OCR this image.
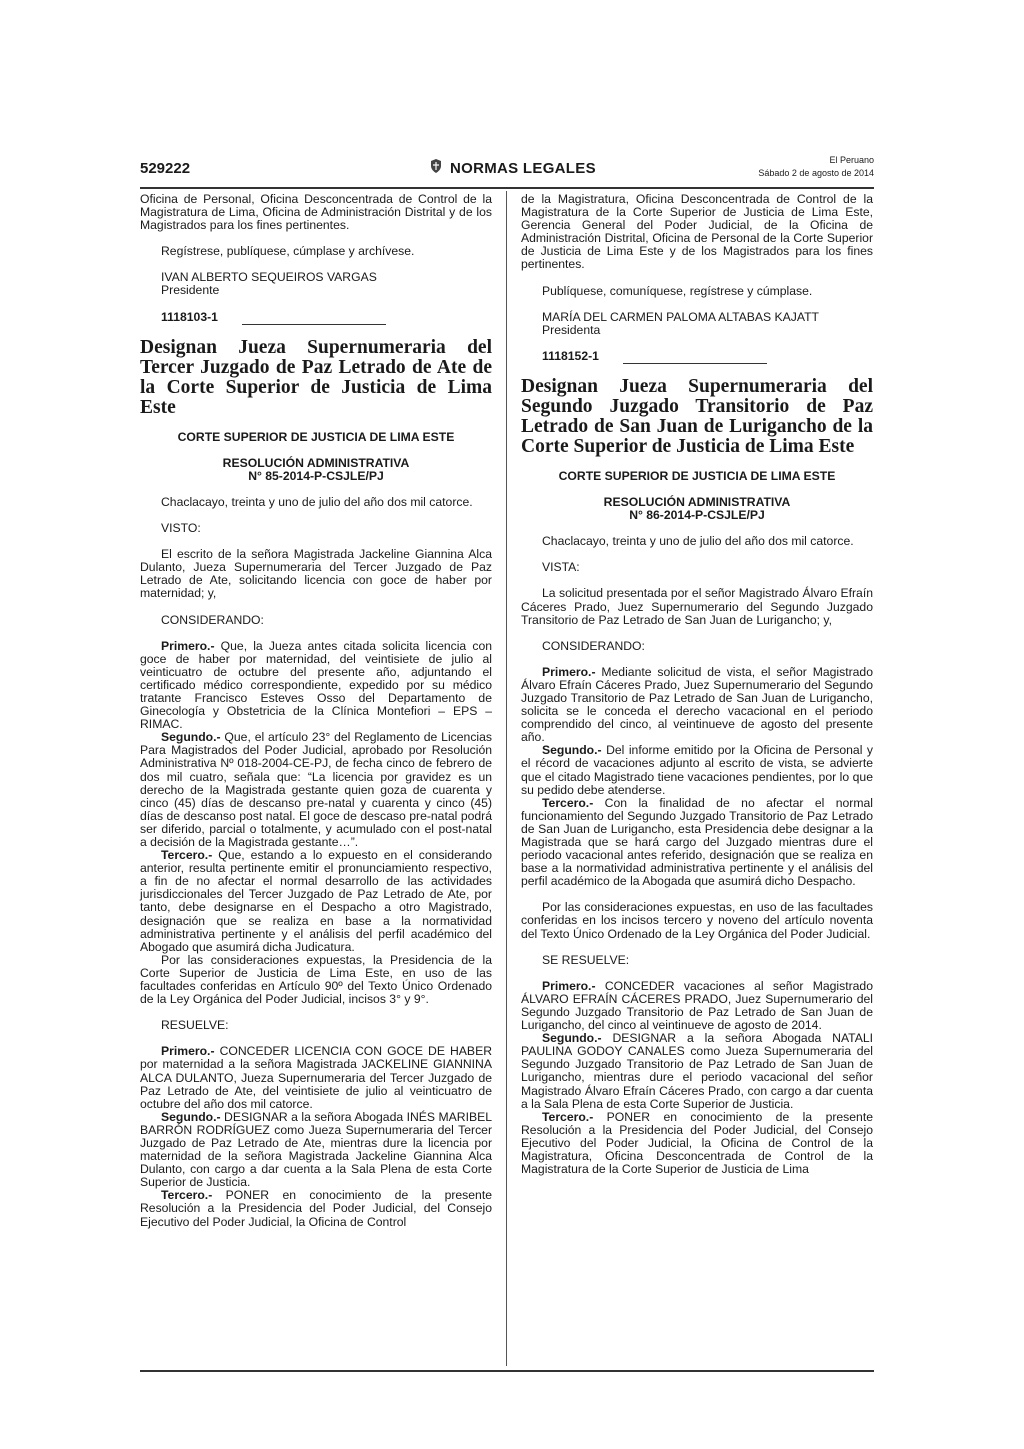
529222	NORMAS LEGALES	El Peruano
Sábado 2 de agosto de 2014

Oficina de Personal, Oficina Desconcentrada de Control de la Magistratura de Lima, Oficina de Administración Distrital y de los Magistrados para los fines pertinentes.

Regístrese, publíquese, cúmplase y archívese.

IVAN ALBERTO SEQUEIROS VARGAS

Presidente

1118103-1
Designan Jueza Supernumeraria del Tercer Juzgado de Paz Letrado de Ate de la Corte Superior de Justicia de Lima Este

CORTE SUPERIOR DE JUSTICIA DE LIMA ESTE

RESOLUCIÓN ADMINISTRATIVA

N° 85-2014-P-CSJLE/PJ

Chaclacayo, treinta y uno de julio del año dos mil catorce.

VISTO:

El escrito de la señora Magistrada Jackeline Giannina Alca Dulanto, Jueza Supernumeraria del Tercer Juzgado de Paz Letrado de Ate, solicitando licencia con goce de haber por maternidad; y,

CONSIDERANDO:

Primero.- Que, la Jueza antes citada solicita licencia con goce de haber por maternidad, del veintisiete de julio al veinticuatro de octubre del presente año, adjuntando el certificado médico correspondiente, expedido por su médico tratante Francisco Esteves Osso del Departamento de Ginecología y Obstetricia de la Clínica Montefiori – EPS – RIMAC.

Segundo.- Que, el artículo 23° del Reglamento de Licencias Para Magistrados del Poder Judicial, aprobado por Resolución Administrativa Nº 018-2004-CE-PJ, de fecha cinco de febrero de dos mil cuatro, señala que: “La licencia por gravidez es un derecho de la Magistrada gestante quien goza de cuarenta y cinco (45) días de descanso pre-natal y cuarenta y cinco (45) días de descanso post natal. El goce de descaso pre-natal podrá ser diferido, parcial o totalmente, y acumulado con el post-natal a decisión de la Magistrada gestante…”.

Tercero.- Que, estando a lo expuesto en el considerando anterior, resulta pertinente emitir el pronunciamiento respectivo, a fin de no afectar el normal desarrollo de las actividades jurisdiccionales del Tercer Juzgado de Paz Letrado de Ate, por tanto, debe designarse en el Despacho a otro Magistrado, designación que se realiza en base a la normatividad administrativa pertinente y el análisis del perfil académico del Abogado que asumirá dicha Judicatura.

Por las consideraciones expuestas, la Presidencia de la Corte Superior de Justicia de Lima Este, en uso de las facultades conferidas en Artículo 90º del Texto Único Ordenado de la Ley Orgánica del Poder Judicial, incisos 3° y 9°.

RESUELVE:

Primero.- CONCEDER LICENCIA CON GOCE DE HABER por maternidad a la señora Magistrada JACKELINE GIANNINA ALCA DULANTO, Jueza Supernumeraria del Tercer Juzgado de Paz Letrado de Ate, del veintisiete de julio al veinticuatro de octubre del año dos mil catorce.

Segundo.- DESIGNAR a la señora Abogada INÉS MARIBEL BARRÓN RODRÍGUEZ como Jueza Supernumeraria del Tercer Juzgado de Paz Letrado de Ate, mientras dure la licencia por maternidad de la señora Magistrada Jackeline Giannina Alca Dulanto, con cargo a dar cuenta a la Sala Plena de esta Corte Superior de Justicia.

Tercero.- PONER en conocimiento de la presente Resolución a la Presidencia del Poder Judicial, del Consejo Ejecutivo del Poder Judicial, la Oficina de Control

de la Magistratura, Oficina Desconcentrada de Control de la Magistratura de la Corte Superior de Justicia de Lima Este, Gerencia General del Poder Judicial, de la Oficina de Administración Distrital, Oficina de Personal de la Corte Superior de Justicia de Lima Este y de los Magistrados para los fines pertinentes.

Publíquese, comuníquese, regístrese y cúmplase.

MARÍA DEL CARMEN PALOMA ALTABAS KAJATT

Presidenta

1118152-1
Designan Jueza Supernumeraria del Segundo Juzgado Transitorio de Paz Letrado de San Juan de Lurigancho de la Corte Superior de Justicia de Lima Este

CORTE SUPERIOR DE JUSTICIA DE LIMA ESTE

RESOLUCIÓN ADMINISTRATIVA

N° 86-2014-P-CSJLE/PJ

Chaclacayo, treinta y uno de julio del año dos mil catorce.

VISTA:

La solicitud presentada por el señor Magistrado Álvaro Efraín Cáceres Prado, Juez Supernumerario del Segundo Juzgado Transitorio de Paz Letrado de San Juan de Lurigancho; y,

CONSIDERANDO:

Primero.- Mediante solicitud de vista, el señor Magistrado Álvaro Efraín Cáceres Prado, Juez Supernumerario del Segundo Juzgado Transitorio de Paz Letrado de San Juan de Lurigancho, solicita se le conceda el derecho vacacional en el periodo comprendido del cinco, al veintinueve de agosto del presente año.

Segundo.- Del informe emitido por la Oficina de Personal y el récord de vacaciones adjunto al escrito de vista, se advierte que el citado Magistrado tiene vacaciones pendientes, por lo que su pedido debe atenderse.

Tercero.- Con la finalidad de no afectar el normal funcionamiento del Segundo Juzgado Transitorio de Paz Letrado de San Juan de Lurigancho, esta Presidencia debe designar a la Magistrada que se hará cargo del Juzgado mientras dure el periodo vacacional antes referido, designación que se realiza en base a la normatividad administrativa pertinente y el análisis del perfil académico de la Abogada que asumirá dicho Despacho.

Por las consideraciones expuestas, en uso de las facultades conferidas en los incisos tercero y noveno del artículo noventa del Texto Único Ordenado de la Ley Orgánica del Poder Judicial.

SE RESUELVE:

Primero.- CONCEDER vacaciones al señor Magistrado ÁLVARO EFRAÍN CÁCERES PRADO, Juez Supernumerario del Segundo Juzgado Transitorio de Paz Letrado de San Juan de Lurigancho, del cinco al veintinueve de agosto de 2014.

Segundo.- DESIGNAR a la señora Abogada NATALI PAULINA GODOY CANALES como Jueza Supernumeraria del Segundo Juzgado Transitorio de Paz Letrado de San Juan de Lurigancho, mientras dure el periodo vacacional del señor Magistrado Álvaro Efraín Cáceres Prado, con cargo a dar cuenta a la Sala Plena de esta Corte Superior de Justicia.

Tercero.- PONER en conocimiento de la presente Resolución a la Presidencia del Poder Judicial, del Consejo Ejecutivo del Poder Judicial, la Oficina de Control de la Magistratura, Oficina Desconcentrada de Control de la Magistratura de la Corte Superior de Justicia de Lima
